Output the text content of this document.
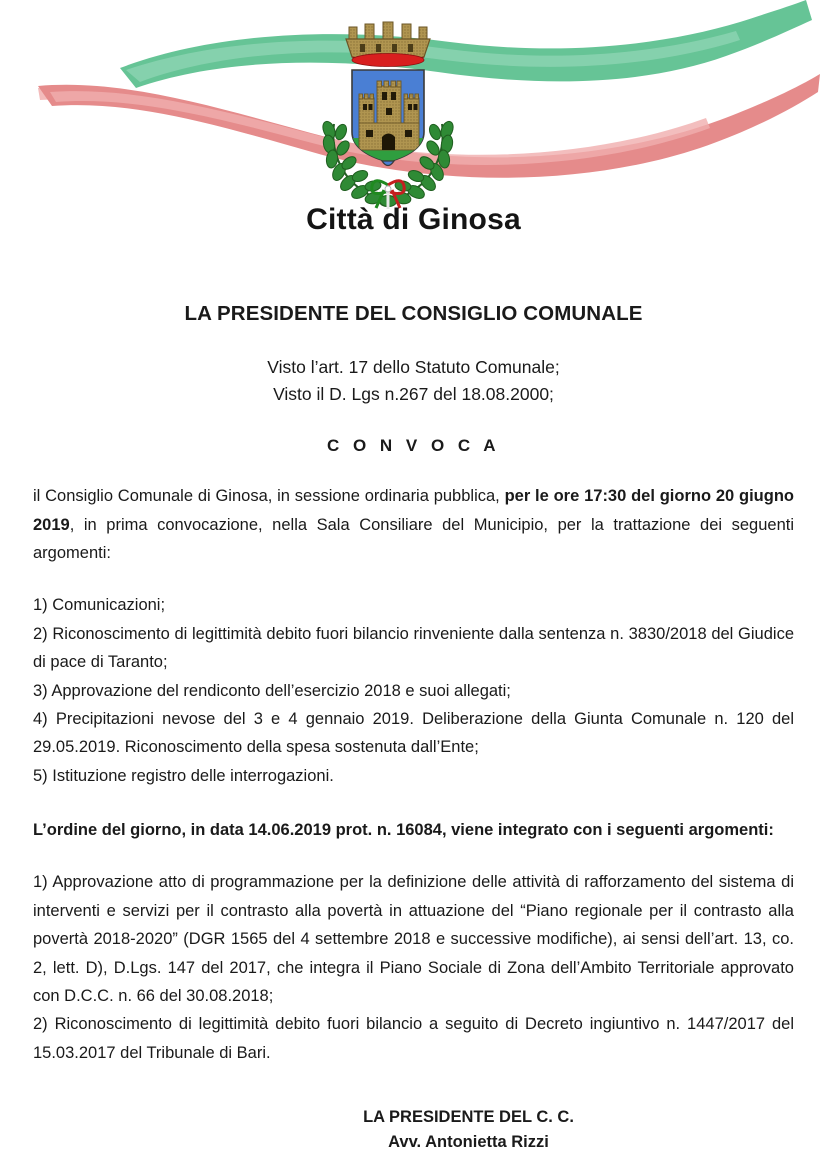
Città di Ginosa
LA PRESIDENTE DEL CONSIGLIO COMUNALE
Visto l’art. 17 dello Statuto Comunale;
Visto il D. Lgs n.267 del 18.08.2000;
C O N V O C A

il Consiglio Comunale di Ginosa, in sessione ordinaria pubblica, per le ore 17:30 del giorno 20 giugno 2019, in prima convocazione, nella Sala Consiliare del Municipio, per la trattazione dei seguenti argomenti:

1) Comunicazioni;

2) Riconoscimento di legittimità debito fuori bilancio rinveniente dalla sentenza n. 3830/2018 del Giudice di pace di Taranto;

3) Approvazione del rendiconto dell’esercizio 2018 e suoi allegati;

4) Precipitazioni nevose del 3 e 4 gennaio 2019. Deliberazione della Giunta Comunale n. 120 del 29.05.2019. Riconoscimento della spesa sostenuta dall’Ente;

5) Istituzione registro delle interrogazioni.

L’ordine del giorno, in data 14.06.2019 prot. n. 16084, viene integrato con i seguenti argomenti:

1) Approvazione atto di programmazione per la definizione delle attività di rafforzamento del sistema di interventi e servizi per il contrasto alla povertà in attuazione del “Piano regionale per il contrasto alla povertà 2018-2020” (DGR 1565 del 4 settembre 2018 e successive modifiche), ai sensi dell’art. 13, co. 2, lett. D), D.Lgs. 147 del 2017, che integra il Piano Sociale di Zona dell’Ambito Territoriale approvato con D.C.C. n. 66 del 30.08.2018;

2) Riconoscimento di legittimità debito fuori bilancio a seguito di Decreto ingiuntivo n. 1447/2017 del 15.03.2017 del Tribunale di Bari.

LA PRESIDENTE DEL C. C.
Avv. Antonietta Rizzi
